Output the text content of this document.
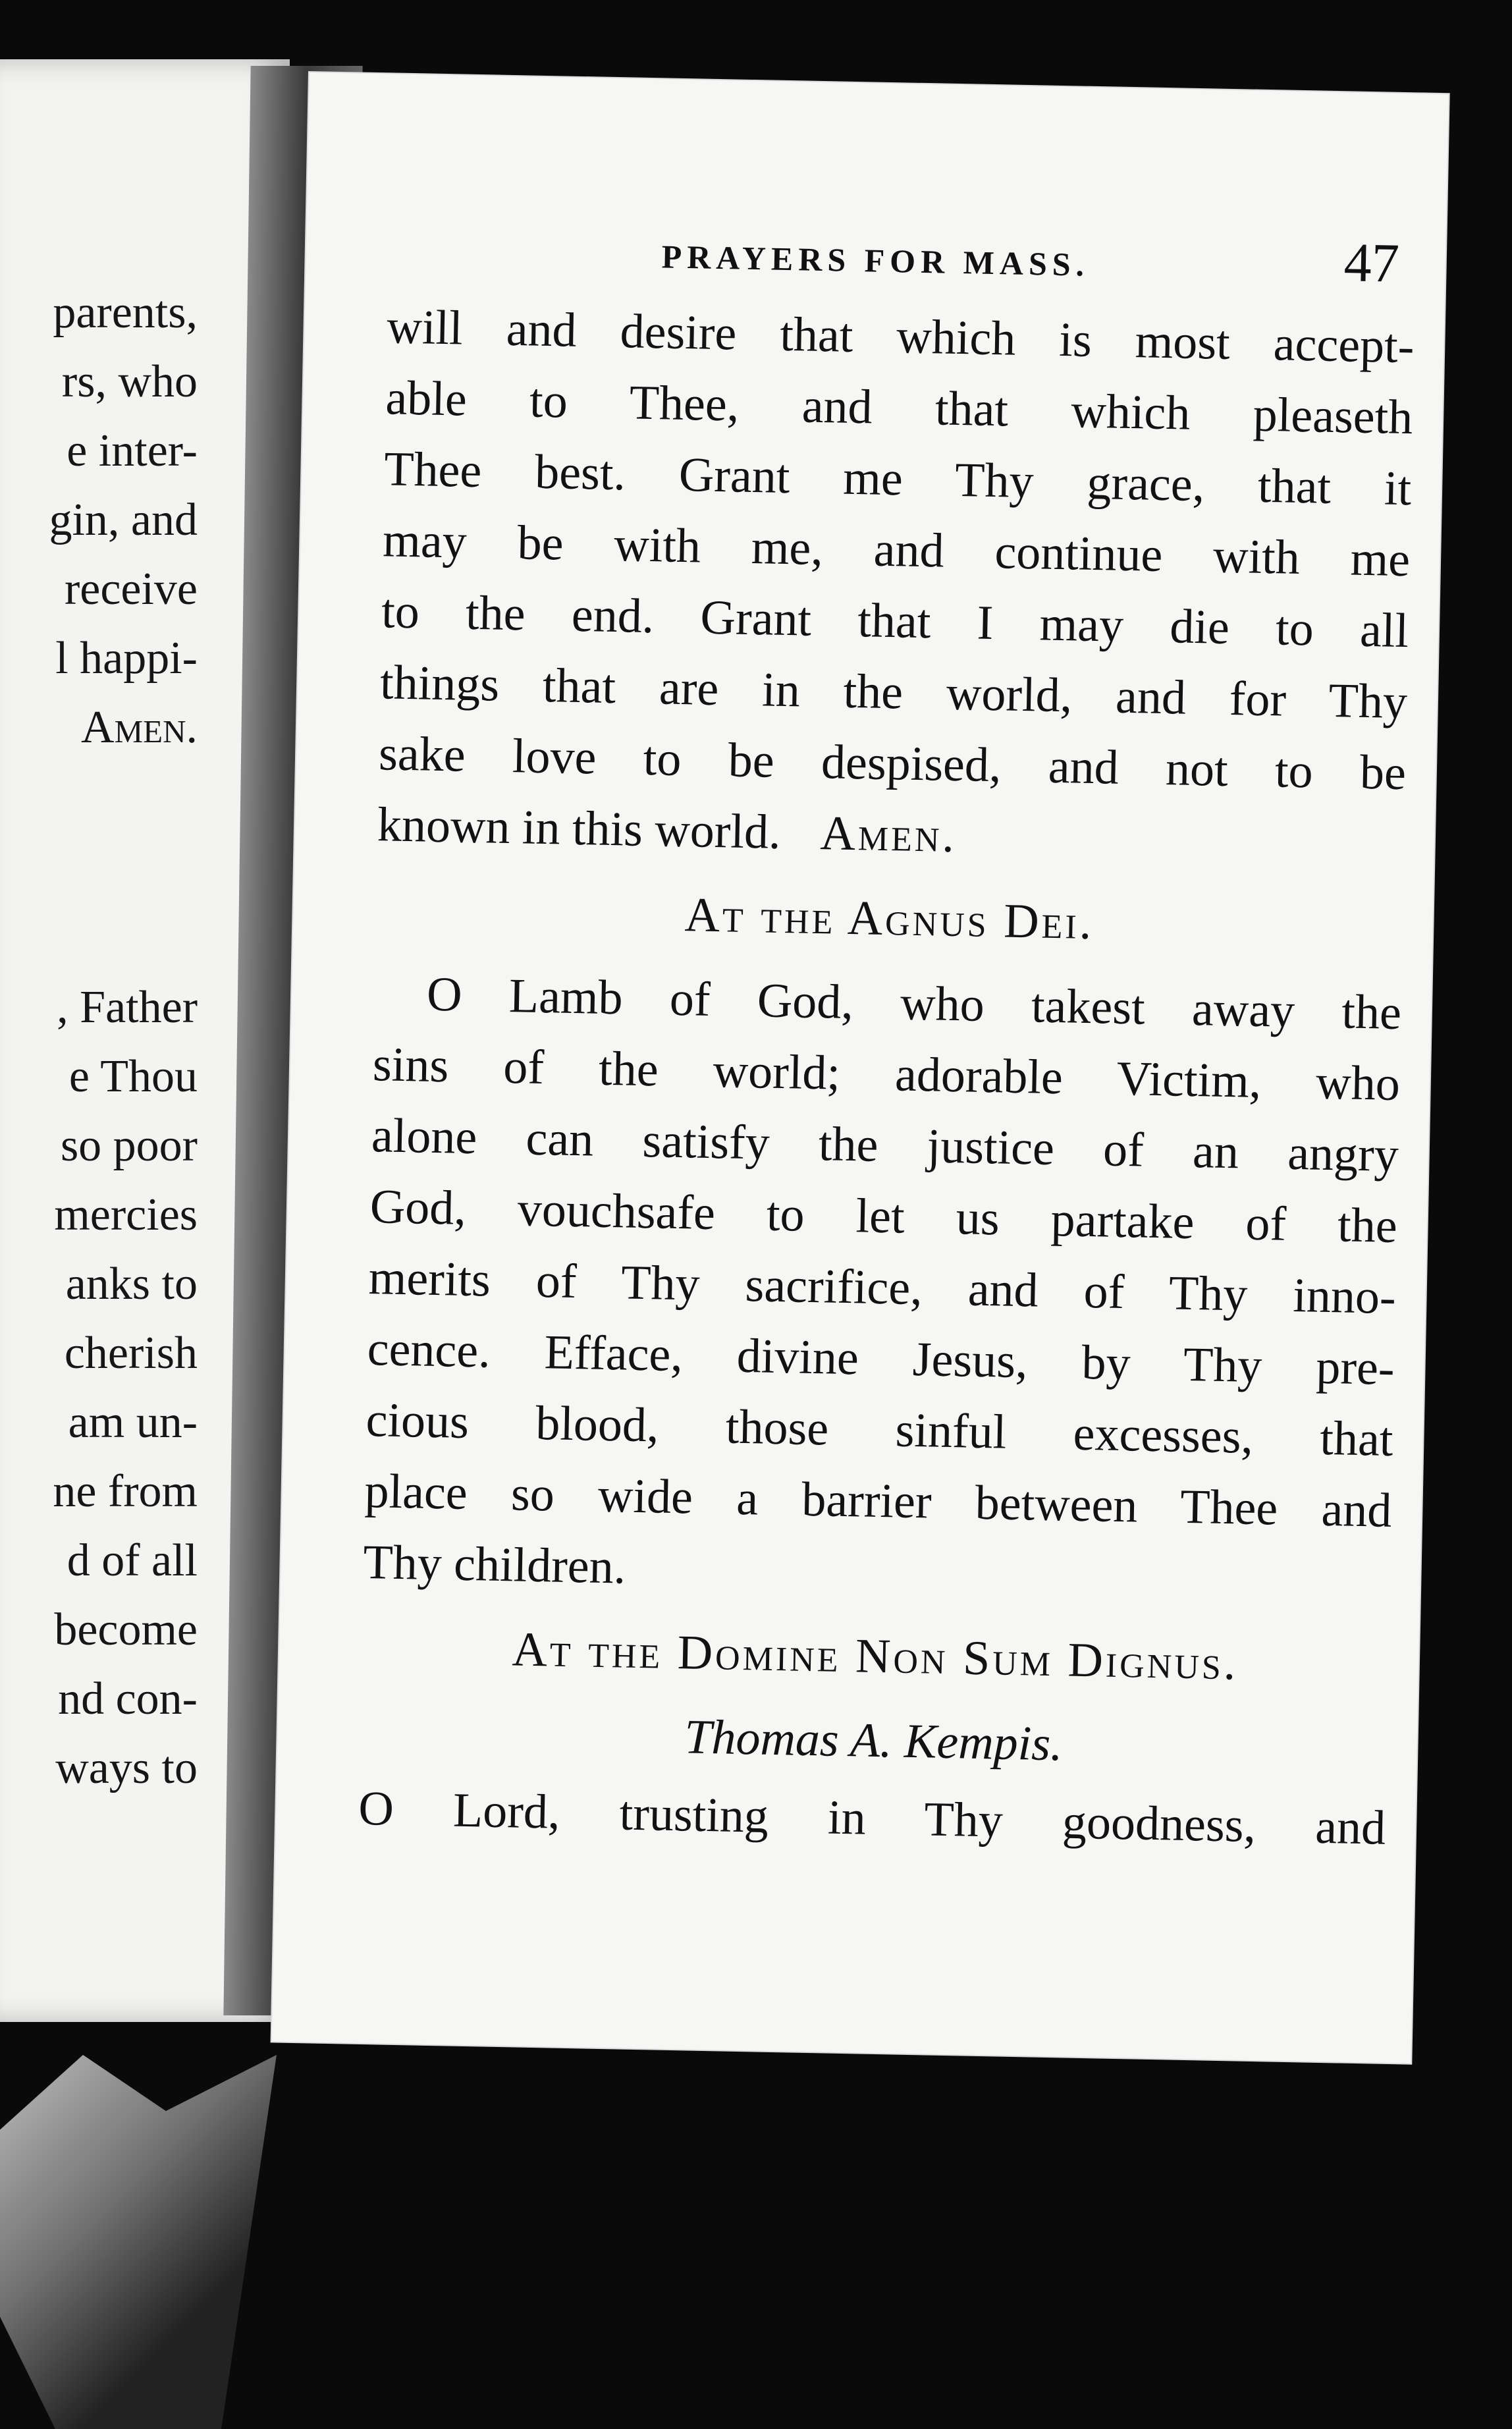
parents,
rs, who
e inter-
gin, and
receive
l happi-
Amen.
, Father
e Thou
so poor
mercies
anks to
cherish
am un-
ne from
d of all
become
nd con-
ways to
PRAYERS FOR MASS.	47
will and desire that which is most accept-
able to Thee, and that which pleaseth
Thee best. Grant me Thy grace, that it
may be with me, and continue with me
to the end. Grant that I may die to all
things that are in the world, and for Thy
sake love to be despised, and not to be
known in this world. Amen.
At the Agnus Dei.
O Lamb of God, who takest away the
sins of the world; adorable Victim, who
alone can satisfy the justice of an angry
God, vouchsafe to let us partake of the
merits of Thy sacrifice, and of Thy inno-
cence. Efface, divine Jesus, by Thy pre-
cious blood, those sinful excesses, that
place so wide a barrier between Thee and
Thy children.
At the Domine Non Sum Dignus.
Thomas A. Kempis.
O Lord, trusting in Thy goodness, and
